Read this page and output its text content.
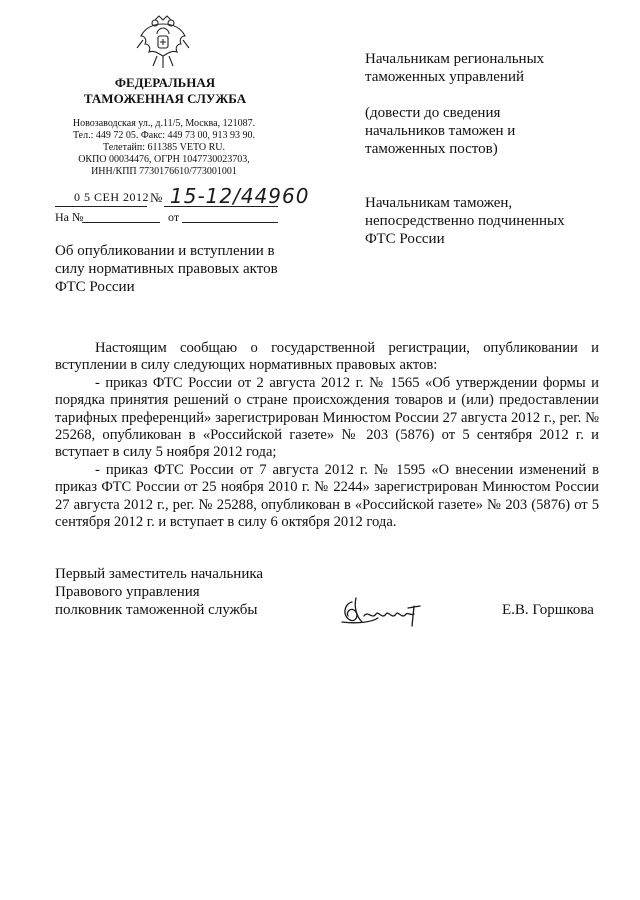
ФЕДЕРАЛЬНАЯ
ТАМОЖЕННАЯ СЛУЖБА
Новозаводская ул., д.11/5, Москва, 121087.
Тел.: 449 72 05. Факс: 449 73 00, 913 93 90.
Телетайп: 611385 VETO RU.
ОКПО 00034476, ОГРН 1047730023703,
ИНН/КПП 7730176610/773001001
0 5 СЕН 2012 № 15-12/44960
На №	от
Об опубликовании и вступлении в
силу нормативных правовых актов
ФТС России
Начальникам региональных
таможенных управлений
(довести до сведения
начальников таможен и
таможенных постов)
Начальникам таможен,
непосредственно подчиненных
ФТС России

Настоящим сообщаю о государственной регистрации, опубликовании и вступлении в силу следующих нормативных правовых актов:

- приказ ФТС России от 2 августа 2012 г. № 1565 «Об утверждении формы и порядка принятия решений о стране происхождения товаров и (или) предоставлении тарифных преференций» зарегистрирован Минюстом России 27 августа 2012 г., рег. № 25268, опубликован в «Российской газете» № 203 (5876) от 5 сентября 2012 г. и вступает в силу 5 ноября 2012 года;

- приказ ФТС России от 7 августа 2012 г. № 1595 «О внесении изменений в приказ ФТС России от 25 ноября 2010 г. № 2244» зарегистрирован Минюстом России 27 августа 2012 г., рег. № 25288, опубликован в «Российской газете» № 203 (5876) от 5 сентября 2012 г. и вступает в силу 6 октября 2012 года.

Первый заместитель начальника
Правового управления
полковник таможенной службы	Е.В. Горшкова
